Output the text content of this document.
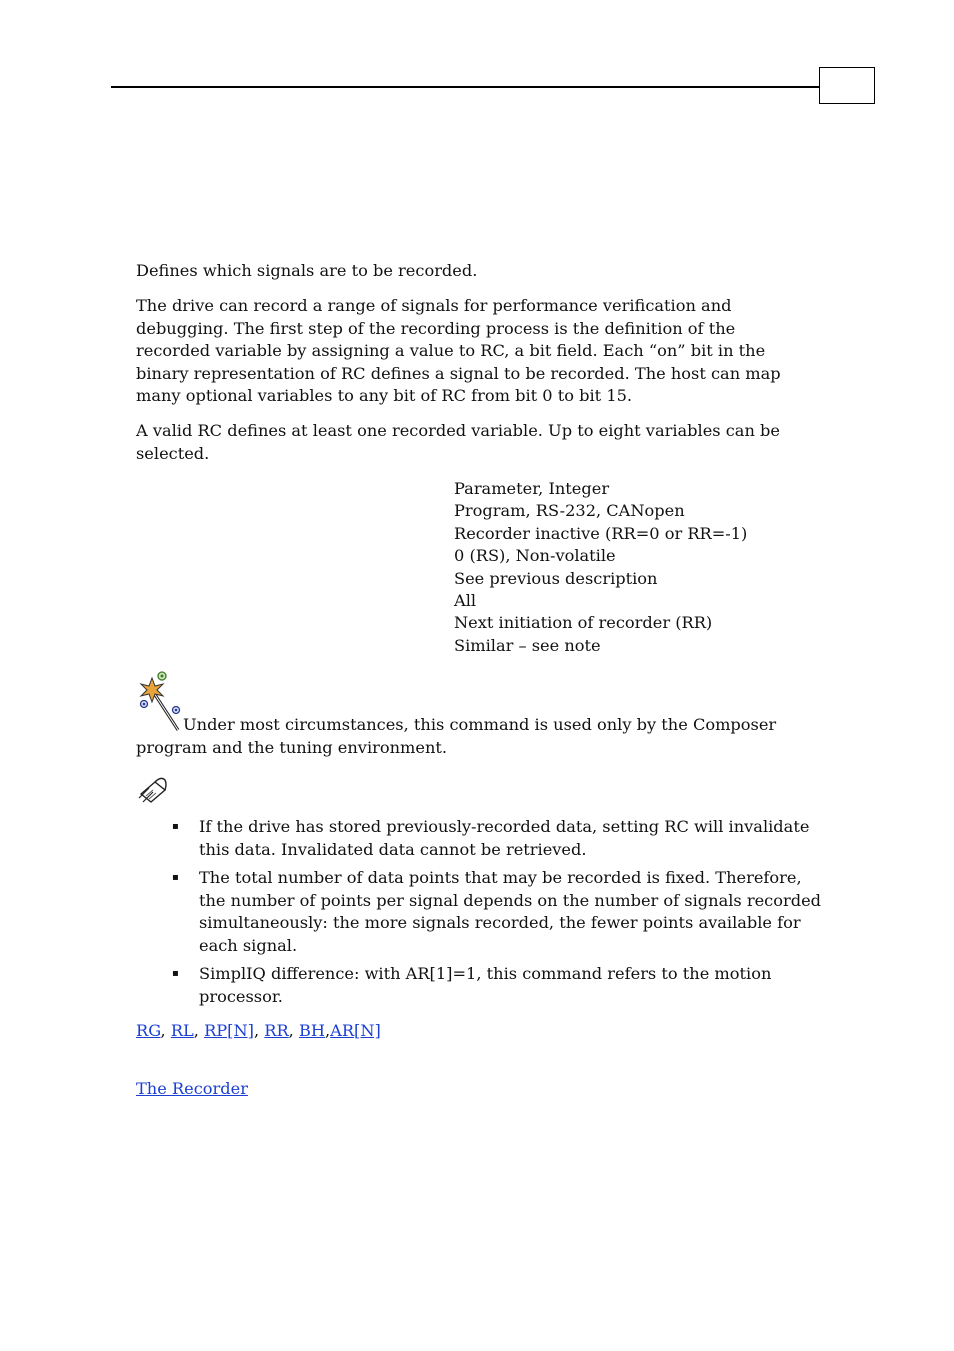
Defines which signals are to be recorded.

The drive can record a range of signals for performance verification and debugging. The first step of the recording process is the definition of the recorded variable by assigning a value to RC, a bit field. Each “on” bit in the binary representation of RC defines a signal to be recorded. The host can map many optional variables to any bit of RC from bit 0 to bit 15.

A valid RC defines at least one recorded variable. Up to eight variables can be selected.

Parameter, Integer
Program, RS-232, CANopen
Recorder inactive (RR=0 or RR=-1)
0 (RS), Non-volatile
See previous description
All
Next initiation of recorder (RR)
Similar – see note

Under most circumstances, this command is used only by the Composer program and the tuning environment.

▪ If the drive has stored previously-recorded data, setting RC will invalidate this data. Invalidated data cannot be retrieved.
▪ The total number of data points that may be recorded is fixed. Therefore, the number of points per signal depends on the number of signals recorded simultaneously: the more signals recorded, the fewer points available for each signal.
▪ SimplIQ difference: with AR[1]=1, this command refers to the motion processor.

RG, RL, RP[N], RR, BH,AR[N]

The Recorder
